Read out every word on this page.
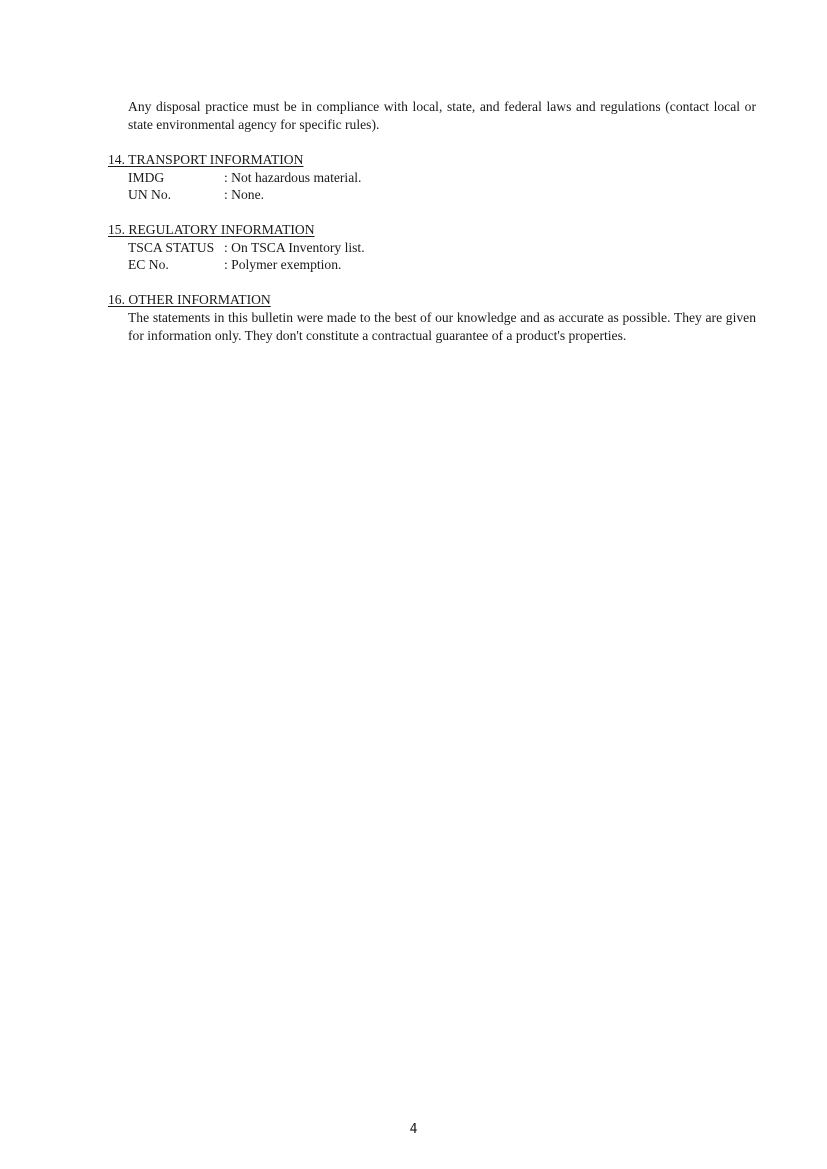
Any disposal practice must be in compliance with local, state, and federal laws and regulations (contact local or state environmental agency for specific rules).
14. TRANSPORT INFORMATION
IMDG	: Not hazardous material.
UN No.	: None.
15. REGULATORY INFORMATION
TSCA STATUS : On TSCA Inventory list.
EC No.	: Polymer exemption.
16. OTHER INFORMATION
The statements in this bulletin were made to the best of our knowledge and as accurate as possible. They are given for information only. They don't constitute a contractual guarantee of a product's properties.
4
